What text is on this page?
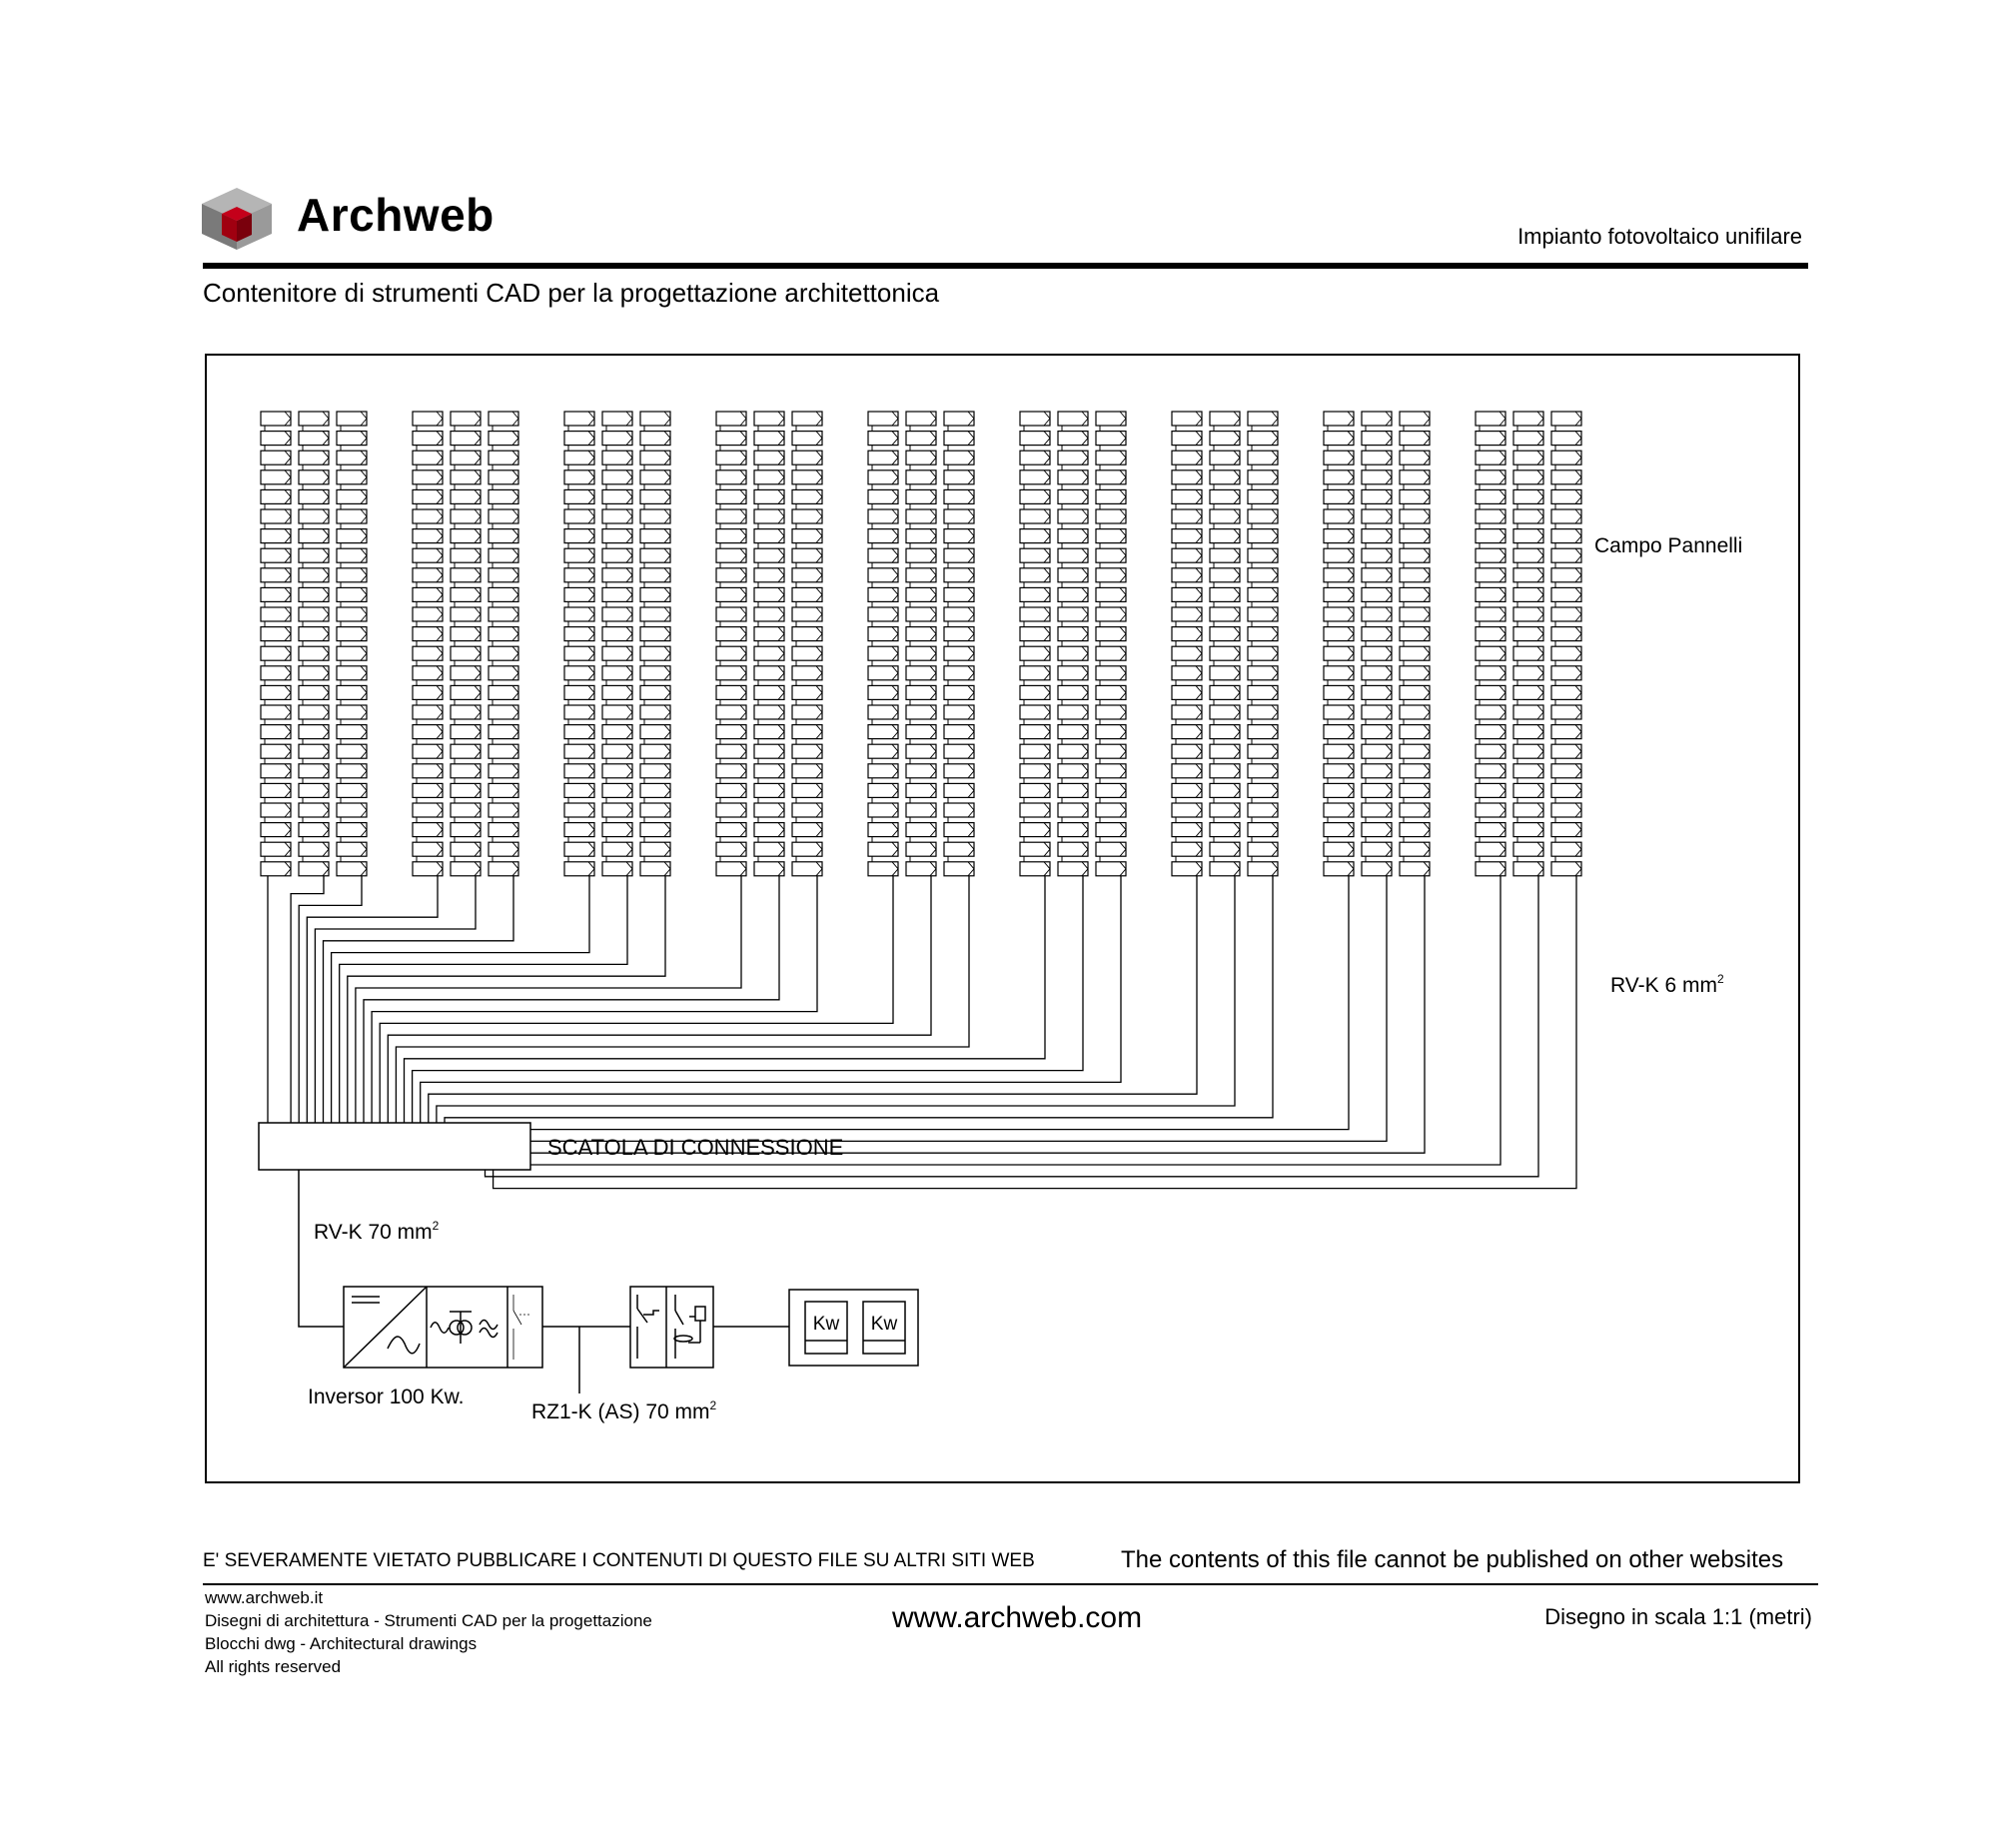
Archweb	Impianto fotovoltaico unifilare
Contenitore di strumenti CAD per la progettazione architettonica
Campo Pannelli
RV-K 6 $mm^2$
SCATOLA DI CONNESSIONE
RV-K 70 $mm^2$
Inversor 100 Kw.
RZ1-K (AS) 70 $mm^2$
Kw Kw
E' SEVERAMENTE VIETATO PUBBLICARE I CONTENUTI DI QUESTO FILE SU ALTRI SITI WEB	The contents of this file cannot be published on other websites
www.archweb.it
Disegni di architettura - Strumenti CAD per la progettazione
Blocchi dwg - Architectural drawings
All rights reserved
www.archweb.com	Disegno in scala 1:1 (metri)
